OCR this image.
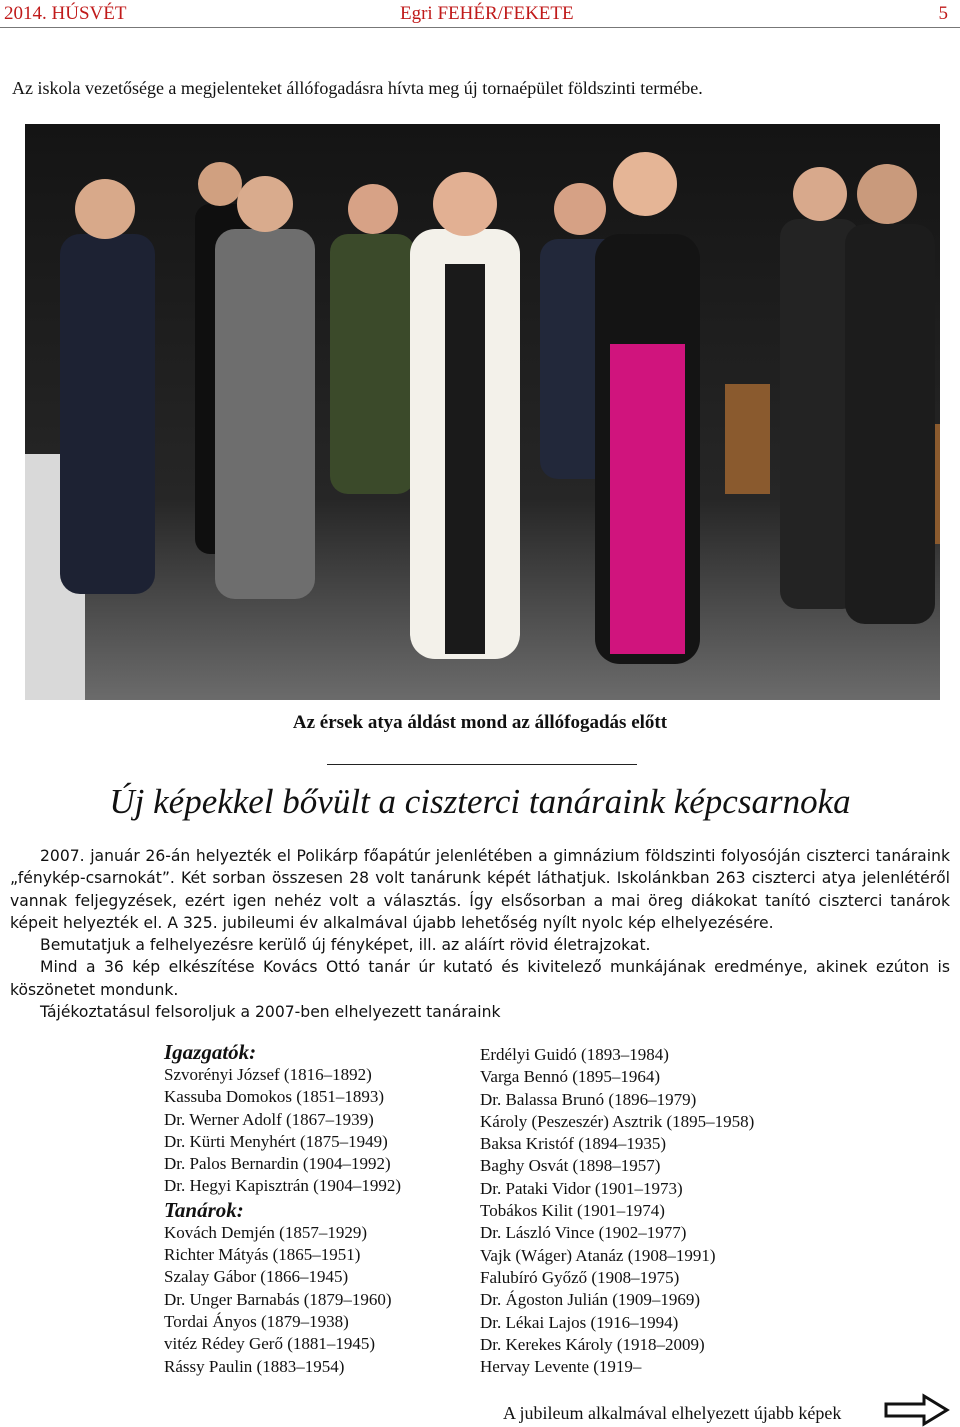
2014. HÚSVÉT	Egri FEHÉR/FEKETE	5
Az iskola vezetősége a megjelenteket állófogadásra hívta meg új tornaépület földszinti termébe.
Az érsek atya áldást mond az állófogadás előtt
Új képekkel bővült a ciszterci tanáraink képcsarnoka

2007. január 26-án helyezték el Polikárp főapátúr jelenlétében a gimnázium földszinti folyosóján ciszterci tanáraink „fénykép-csarnokát”. Két sorban összesen 28 volt tanárunk képét láthatjuk. Iskolánkban 263 ciszterci atya jelenlétéről vannak feljegyzések, ezért igen nehéz volt a választás. Így elsősorban a mai öreg diákokat tanító ciszterci tanárok képeit helyezték el. A 325. jubileumi év alkalmával újabb lehetőség nyílt nyolc kép elhelyezésére.

Bemutatjuk a felhelyezésre kerülő új fényképet, ill. az aláírt rövid életrajzokat.

Mind a 36 kép elkészítése Kovács Ottó tanár úr kutató és kivitelező munkájának eredménye, akinek ezúton is köszönetet mondunk.

Tájékoztatásul felsoroljuk a 2007-ben elhelyezett tanáraink

Igazgatók:
Szvorényi József (1816–1892)
Kassuba Domokos (1851–1893)
Dr. Werner Adolf (1867–1939)
Dr. Kürti Menyhért (1875–1949)
Dr. Palos Bernardin (1904–1992)
Dr. Hegyi Kapisztrán (1904–1992)
Tanárok:
Kovách Demjén (1857–1929)
Richter Mátyás (1865–1951)
Szalay Gábor (1866–1945)
Dr. Unger Barnabás (1879–1960)
Tordai Ányos (1879–1938)
vitéz Rédey Gerő (1881–1945)
Rássy Paulin (1883–1954)
Erdélyi Guidó (1893–1984)
Varga Bennó (1895–1964)
Dr. Balassa Brunó (1896–1979)
Károly (Peszeszér) Asztrik (1895–1958)
Baksa Kristóf (1894–1935)
Baghy Osvát (1898–1957)
Dr. Pataki Vidor (1901–1973)
Tobákos Kilit (1901–1974)
Dr. László Vince (1902–1977)
Vajk (Wáger) Atanáz (1908–1991)
Falubíró Győző (1908–1975)
Dr. Ágoston Julián (1909–1969)
Dr. Lékai Lajos (1916–1994)
Dr. Kerekes Károly (1918–2009)
Hervay Levente (1919–
A jubileum alkalmával elhelyezett újabb képek
